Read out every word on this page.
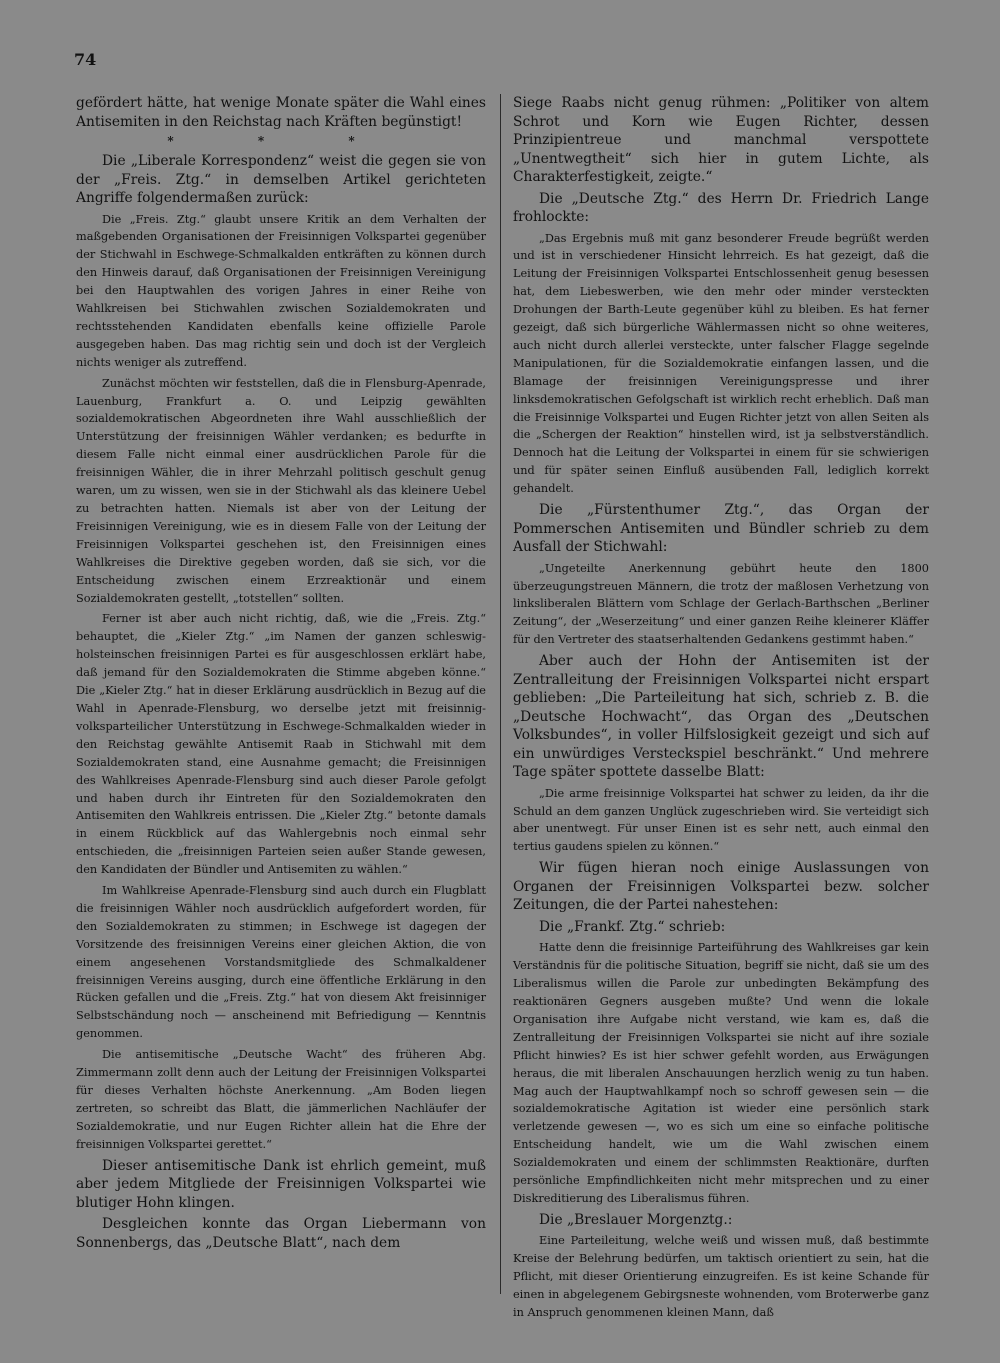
74

gefördert hätte, hat wenige Monate später die Wahl eines Antisemiten in den Reichstag nach Kräften begünstigt!

* * *

Die „Liberale Korrespondenz“ weist die gegen sie von der „Freis. Ztg.“ in demselben Artikel gerichteten Angriffe folgendermaßen zurück:

Die „Freis. Ztg.“ glaubt unsere Kritik an dem Verhalten der maßgebenden Organisationen der Freisinnigen Volkspartei gegenüber der Stichwahl in Eschwege-Schmalkalden entkräften zu können durch den Hinweis darauf, daß Organisationen der Freisinnigen Vereinigung bei den Hauptwahlen des vorigen Jahres in einer Reihe von Wahlkreisen bei Stichwahlen zwischen Sozialdemokraten und rechtsstehenden Kandidaten ebenfalls keine offizielle Parole ausgegeben haben. Das mag richtig sein und doch ist der Vergleich nichts weniger als zutreffend.

Zunächst möchten wir feststellen, daß die in Flensburg-Apenrade, Lauenburg, Frankfurt a. O. und Leipzig gewählten sozialdemokratischen Abgeordneten ihre Wahl ausschließlich der Unterstützung der freisinnigen Wähler verdanken; es bedurfte in diesem Falle nicht einmal einer ausdrücklichen Parole für die freisinnigen Wähler, die in ihrer Mehrzahl politisch geschult genug waren, um zu wissen, wen sie in der Stichwahl als das kleinere Uebel zu betrachten hatten. Niemals ist aber von der Leitung der Freisinnigen Vereinigung, wie es in diesem Falle von der Leitung der Freisinnigen Volkspartei geschehen ist, den Freisinnigen eines Wahlkreises die Direktive gegeben worden, daß sie sich, vor die Entscheidung zwischen einem Erzreaktionär und einem Sozialdemokraten gestellt, „totstellen“ sollten.

Ferner ist aber auch nicht richtig, daß, wie die „Freis. Ztg.“ behauptet, die „Kieler Ztg.“ „im Namen der ganzen schleswig-holsteinschen freisinnigen Partei es für ausgeschlossen erklärt habe, daß jemand für den Sozialdemokraten die Stimme abgeben könne.“ Die „Kieler Ztg.“ hat in dieser Erklärung ausdrücklich in Bezug auf die Wahl in Apenrade-Flensburg, wo derselbe jetzt mit freisinnig-volksparteilicher Unterstützung in Eschwege-Schmalkalden wieder in den Reichstag gewählte Antisemit Raab in Stichwahl mit dem Sozialdemokraten stand, eine Ausnahme gemacht; die Freisinnigen des Wahlkreises Apenrade-Flensburg sind auch dieser Parole gefolgt und haben durch ihr Eintreten für den Sozialdemokraten den Antisemiten den Wahlkreis entrissen. Die „Kieler Ztg.“ betonte damals in einem Rückblick auf das Wahlergebnis noch einmal sehr entschieden, die „freisinnigen Parteien seien außer Stande gewesen, den Kandidaten der Bündler und Antisemiten zu wählen.“

Im Wahlkreise Apenrade-Flensburg sind auch durch ein Flugblatt die freisinnigen Wähler noch ausdrücklich aufgefordert worden, für den Sozialdemokraten zu stimmen; in Eschwege ist dagegen der Vorsitzende des freisinnigen Vereins einer gleichen Aktion, die von einem angesehenen Vorstandsmitgliede des Schmalkaldener freisinnigen Vereins ausging, durch eine öffentliche Erklärung in den Rücken gefallen und die „Freis. Ztg.“ hat von diesem Akt freisinniger Selbstschändung noch — anscheinend mit Befriedigung — Kenntnis genommen.

Die antisemitische „Deutsche Wacht“ des früheren Abg. Zimmermann zollt denn auch der Leitung der Freisinnigen Volkspartei für dieses Verhalten höchste Anerkennung. „Am Boden liegen zertreten, so schreibt das Blatt, die jämmerlichen Nachläufer der Sozialdemokratie, und nur Eugen Richter allein hat die Ehre der freisinnigen Volkspartei gerettet.“

Dieser antisemitische Dank ist ehrlich gemeint, muß aber jedem Mitgliede der Freisinnigen Volkspartei wie blutiger Hohn klingen.

Desgleichen konnte das Organ Liebermann von Sonnenbergs, das „Deutsche Blatt“, nach dem

Siege Raabs nicht genug rühmen: „Politiker von altem Schrot und Korn wie Eugen Richter, dessen Prinzipientreue und manchmal verspottete „Unentwegtheit“ sich hier in gutem Lichte, als Charakterfestigkeit, zeigte.“

Die „Deutsche Ztg.“ des Herrn Dr. Friedrich Lange frohlockte:

„Das Ergebnis muß mit ganz besonderer Freude begrüßt werden und ist in verschiedener Hinsicht lehrreich. Es hat gezeigt, daß die Leitung der Freisinnigen Volkspartei Entschlossenheit genug besessen hat, dem Liebeswerben, wie den mehr oder minder versteckten Drohungen der Barth-Leute gegenüber kühl zu bleiben. Es hat ferner gezeigt, daß sich bürgerliche Wählermassen nicht so ohne weiteres, auch nicht durch allerlei versteckte, unter falscher Flagge segelnde Manipulationen, für die Sozialdemokratie einfangen lassen, und die Blamage der freisinnigen Vereinigungspresse und ihrer linksdemokratischen Gefolgschaft ist wirklich recht erheblich. Daß man die Freisinnige Volkspartei und Eugen Richter jetzt von allen Seiten als die „Schergen der Reaktion“ hinstellen wird, ist ja selbstverständlich. Dennoch hat die Leitung der Volkspartei in einem für sie schwierigen und für später seinen Einfluß ausübenden Fall, lediglich korrekt gehandelt.

Die „Fürstenthumer Ztg.“, das Organ der Pommerschen Antisemiten und Bündler schrieb zu dem Ausfall der Stichwahl:

„Ungeteilte Anerkennung gebührt heute den 1800 überzeugungstreuen Männern, die trotz der maßlosen Verhetzung von linksliberalen Blättern vom Schlage der Gerlach-Barthschen „Berliner Zeitung“, der „Weserzeitung“ und einer ganzen Reihe kleinerer Kläffer für den Vertreter des staatserhaltenden Gedankens gestimmt haben.“

Aber auch der Hohn der Antisemiten ist der Zentralleitung der Freisinnigen Volkspartei nicht erspart geblieben: „Die Parteileitung hat sich, schrieb z. B. die „Deutsche Hochwacht“, das Organ des „Deutschen Volksbundes“, in voller Hilfslosigkeit gezeigt und sich auf ein unwürdiges Versteckspiel beschränkt.“ Und mehrere Tage später spottete dasselbe Blatt:

„Die arme freisinnige Volkspartei hat schwer zu leiden, da ihr die Schuld an dem ganzen Unglück zugeschrieben wird. Sie verteidigt sich aber unentwegt. Für unser Einen ist es sehr nett, auch einmal den tertius gaudens spielen zu können.“

Wir fügen hieran noch einige Auslassungen von Organen der Freisinnigen Volkspartei bezw. solcher Zeitungen, die der Partei nahestehen:

Die „Frankf. Ztg.“ schrieb:

Hatte denn die freisinnige Parteiführung des Wahlkreises gar kein Verständnis für die politische Situation, begriff sie nicht, daß sie um des Liberalismus willen die Parole zur unbedingten Bekämpfung des reaktionären Gegners ausgeben mußte? Und wenn die lokale Organisation ihre Aufgabe nicht verstand, wie kam es, daß die Zentralleitung der Freisinnigen Volkspartei sie nicht auf ihre soziale Pflicht hinwies? Es ist hier schwer gefehlt worden, aus Erwägungen heraus, die mit liberalen Anschauungen herzlich wenig zu tun haben. Mag auch der Hauptwahlkampf noch so schroff gewesen sein — die sozialdemokratische Agitation ist wieder eine persönlich stark verletzende gewesen —, wo es sich um eine so einfache politische Entscheidung handelt, wie um die Wahl zwischen einem Sozialdemokraten und einem der schlimmsten Reaktionäre, durften persönliche Empfindlichkeiten nicht mehr mitsprechen und zu einer Diskreditierung des Liberalismus führen.

Die „Breslauer Morgenztg.:

Eine Parteileitung, welche weiß und wissen muß, daß bestimmte Kreise der Belehrung bedürfen, um taktisch orientiert zu sein, hat die Pflicht, mit dieser Orientierung einzugreifen. Es ist keine Schande für einen in abgelegenem Gebirgsneste wohnenden, vom Broterwerbe ganz in Anspruch genommenen kleinen Mann, daß
